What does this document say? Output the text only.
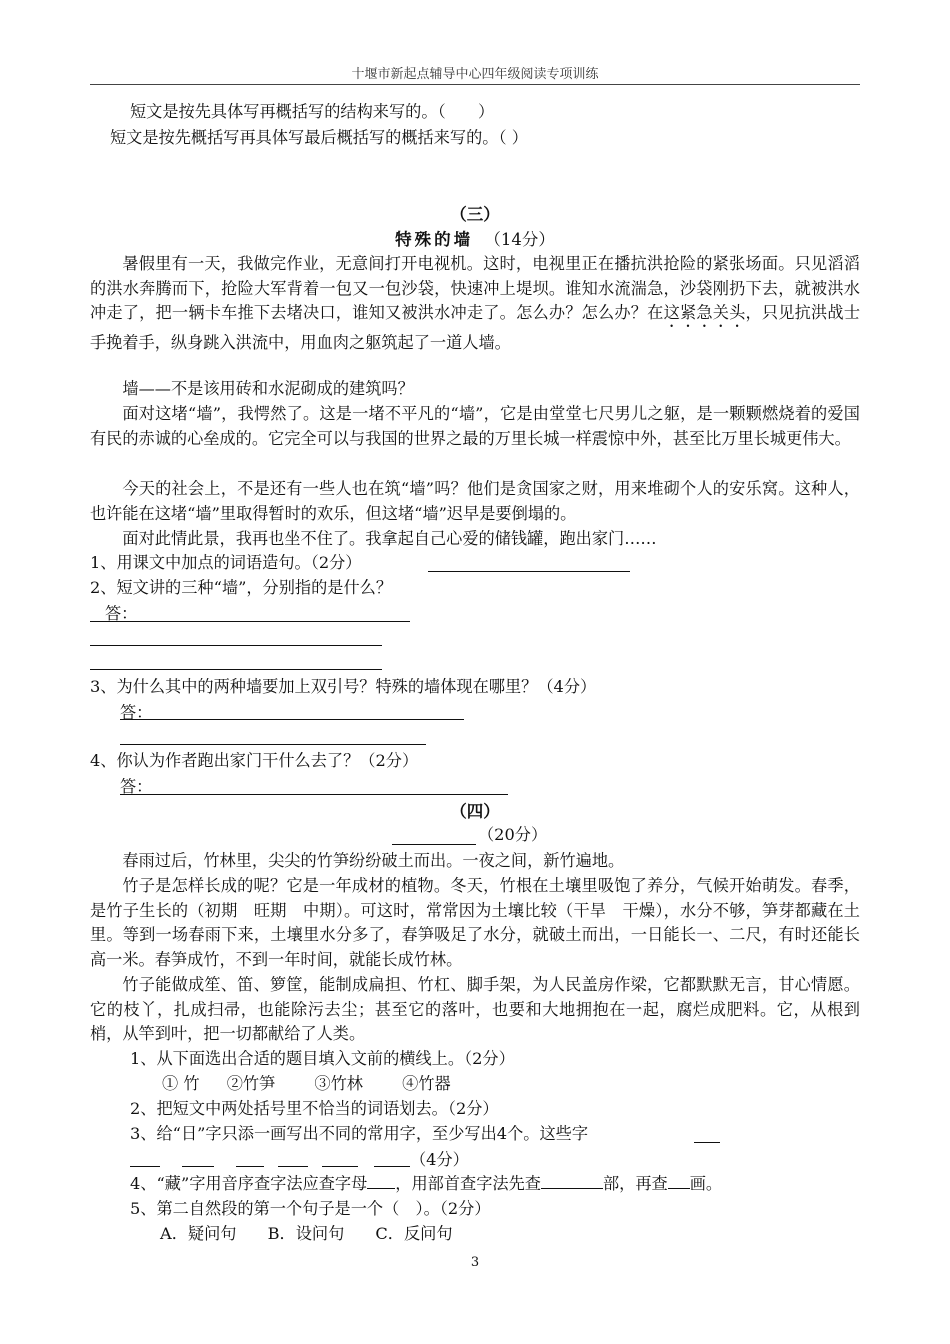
十堰市新起点辅导中心四年级阅读专项训练
短文是按先具体写再概括写的结构来写的。（　　）
短文是按先概括写再具体写最后概括写的概括来写的。（ ）
（三）
特殊的墙 （14分）
暑假里有一天，我做完作业，无意间打开电视机。这时，电视里正在播抗洪抢险的紧张场面。只见滔滔的洪水奔腾而下，抢险大军背着一包又一包沙袋，快速冲上堤坝。谁知水流湍急，沙袋刚扔下去，就被洪水冲走了，把一辆卡车推下去堵决口，谁知又被洪水冲走了。怎么办？怎么办？在这紧急关头，只见抗洪战士手挽着手，纵身跳入洪流中，用血肉之躯筑起了一道人墙。
墙——不是该用砖和水泥砌成的建筑吗？
面对这堵“墙”，我愕然了。这是一堵不平凡的“墙”，它是由堂堂七尺男儿之躯，是一颗颗燃烧着的爱国有民的赤诚的心垒成的。它完全可以与我国的世界之最的万里长城一样震惊中外，甚至比万里长城更伟大。
今天的社会上，不是还有一些人也在筑“墙”吗？他们是贪国家之财，用来堆砌个人的安乐窝。这种人，也许能在这堵“墙”里取得暂时的欢乐，但这堵“墙”迟早是要倒塌的。
面对此情此景，我再也坐不住了。我拿起自己心爱的储钱罐，跑出家门……
1、用课文中加点的词语造句。（2分）
2、短文讲的三种“墙”，分别指的是什么？
答：
3、为什么其中的两种墙要加上双引号？特殊的墙体现在哪里？（4分）
答：
4、你认为作者跑出家门干什么去了？（2分）
答：
（四）
（20分）
春雨过后，竹林里，尖尖的竹笋纷纷破土而出。一夜之间，新竹遍地。
竹子是怎样长成的呢？它是一年成材的植物。冬天，竹根在土壤里吸饱了养分，气候开始萌发。春季，是竹子生长的（初期　旺期　中期）。可这时，常常因为土壤比较（干旱　干燥），水分不够，笋芽都藏在土里。等到一场春雨下来，土壤里水分多了，春笋吸足了水分，就破土而出，一日能长一、二尺，有时还能长高一米。春笋成竹，不到一年时间，就能长成竹林。
竹子能做成笙、笛、箩筐，能制成扁担、竹杠、脚手架，为人民盖房作梁，它都默默无言，甘心情愿。它的枝丫，扎成扫帚，也能除污去尘；甚至它的落叶，也要和大地拥抱在一起，腐烂成肥料。它，从根到梢，从竿到叶，把一切都献给了人类。
1、从下面选出合适的题目填入文前的横线上。（2分）
① 竹 ②竹笋 ③竹林 ④竹器
2、把短文中两处括号里不恰当的词语划去。（2分）
3、给“日”字只添一画写出不同的常用字，至少写出4个。这些字
（4分）
4、“藏”字用音序查字法应查字母 ，用部首查字法先查	部，再查 画。
5、第二自然段的第一个句子是一个（　）。（2分）
A．疑问句 B．设问句 C．反问句
3
